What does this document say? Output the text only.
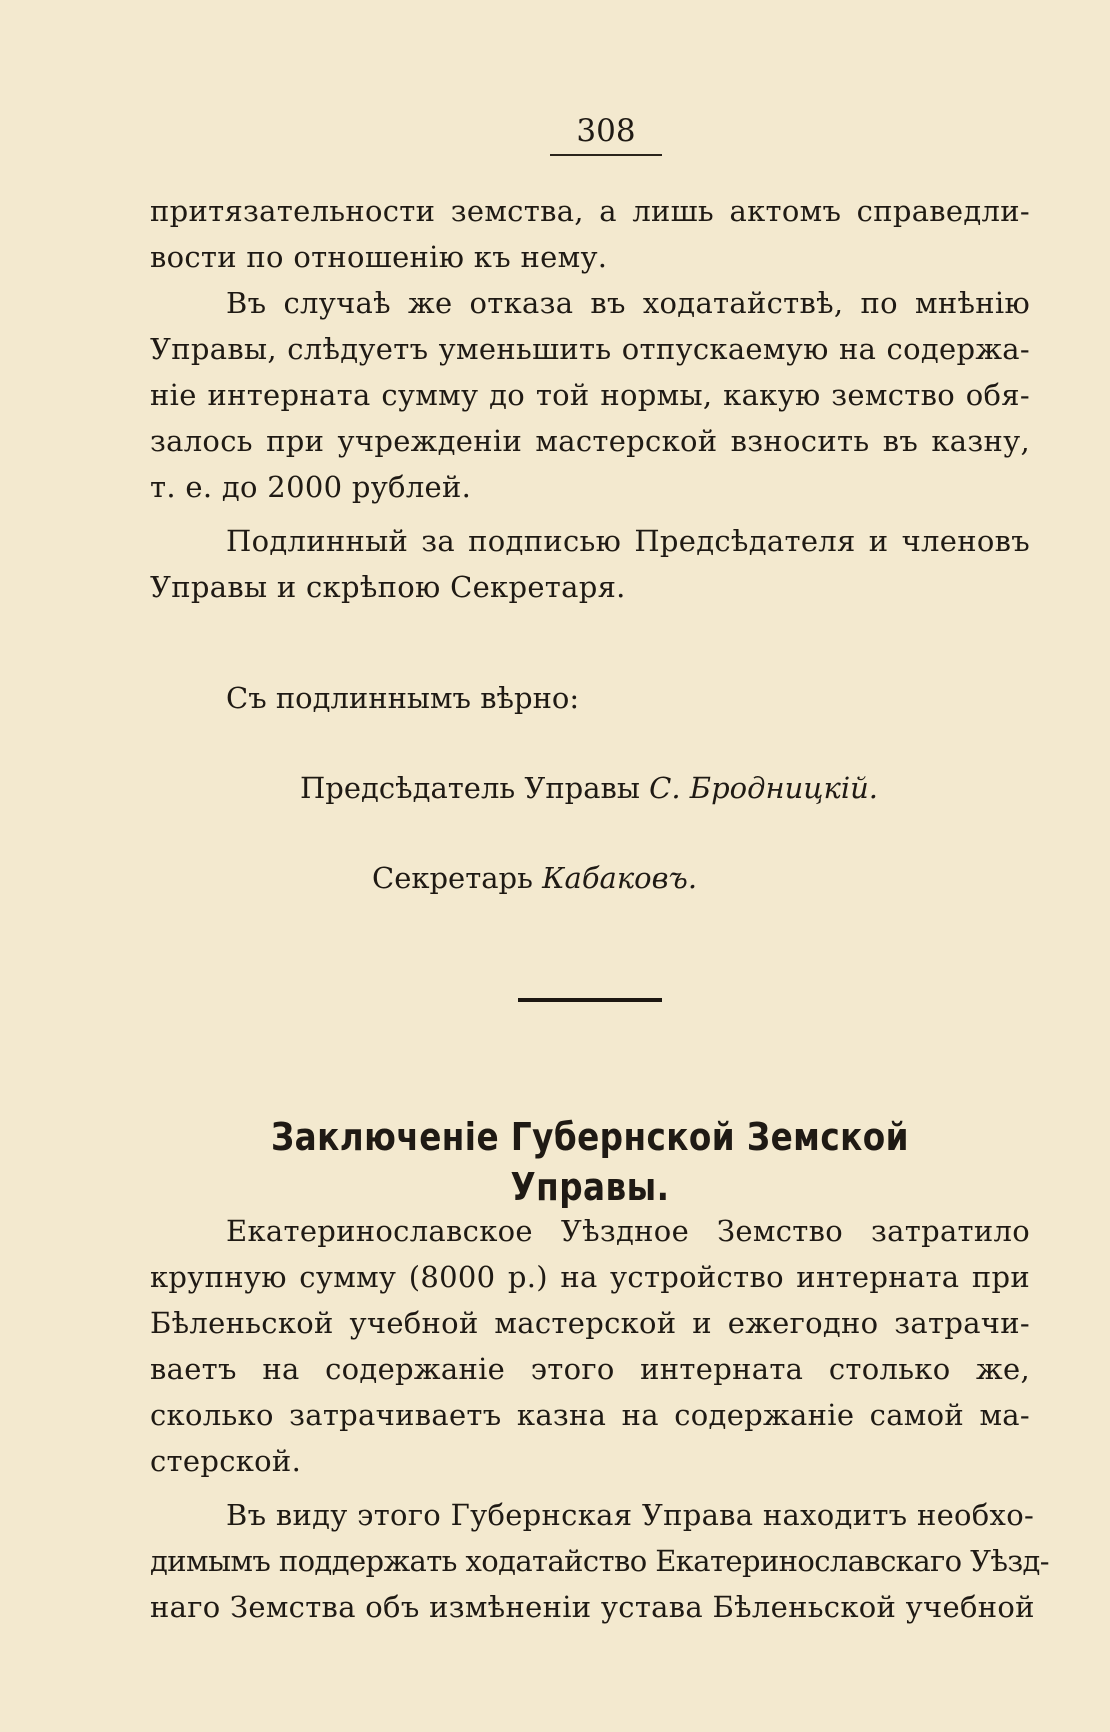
308

притязательности земства, а лишь актомъ справедли-
вости по отношенію къ нему.

Въ случаѣ же отказа въ ходатайствѣ, по мнѣнію
Управы, слѣдуетъ уменьшить отпускаемую на содержа-
ніе интерната сумму до той нормы, какую земство обя-
залось при учрежденіи мастерской взносить въ казну,
т. е. до 2000 рублей.

Подлинный за подписью Предсѣдателя и членовъ
Управы и скрѣпою Секретаря.

Съ подлиннымъ вѣрно:
Предсѣдатель Управы С. Бродницкій.
Секретарь Кабаковъ.
Заключеніе Губернской Земской Управы.

Екатеринославское Уѣздное Земство затратило
крупную сумму (8000 р.) на устройство интерната при
Бѣленьской учебной мастерской и ежегодно затрачи-
ваетъ на содержаніе этого интерната столько же,
сколько затрачиваетъ казна на содержаніе самой ма-
стерской.

Въ виду этого Губернская Управа находитъ необхо-
димымъ поддержать ходатайство Екатеринославскаго Уѣзд-
наго Земства объ измѣненіи устава Бѣленьской учебной
